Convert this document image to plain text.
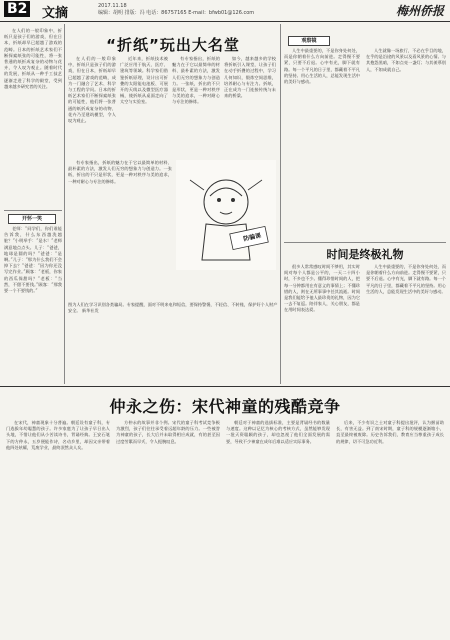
B2	文摘	2017.11.18
编辑：胡明 排版：冯 电话：86757165 E-mail：bfwb01@126.com	梅州侨报

在人们的一般印象中，折纸只是孩子们的游戏，但在日本，折纸却早已超越了游戏的范畴。日本的折纸艺术家们不断探索纸张的可能性，将一张普通的纸折成复杂的动物与花卉，令人叹为观止。随着时代的发展，折纸从一种手工技艺逐渐走进了科学的殿堂，受到越来越多研究者的关注。

开怀一笑

老师：“同学们，你们谁能告诉我，什么东西越洗越脏？”小明举手：“是水！”老师满意地点点头。儿子：“爸爸，地球是圆的吗？”爸爸：“是啊。”儿子：“那为什么我们不会掉下去？”爸爸：“因为你还没写完作业。”顾客：“老板，你家的西瓜保甜吗？”老板：“当然，不甜不要钱。”顾客：“那我要一个不要钱的。”

“折纸”玩出大名堂

在人们的一般印象中，折纸只是孩子们的游戏，但在日本，折纸却早已超越了游戏的范畴，成为一门融合了艺术、科学与工程的学问。日本的折纸艺术家们不断探索纸张的可能性，他们将一张普通的纸折成复杂的动物、花卉乃至建筑模型，令人叹为观止。

近年来，折纸技术被广泛应用于航天、医疗、建筑等领域。科学家们借鉴折纸原理，设计出可折叠的太阳能电池板、可展开的天线以及微型医疗器械，使折纸从桌面走向了太空与实验室。

有专家指出，折纸的魅力在于它以最简单的材料、最朴素的方法，激发人们无穷的想象力与创造力。一张纸，折出的不只是形状，更是一种对秩序与美的追求，一种对耐心与专注的修炼。

如今，越来越多的学校将折纸引入课堂，让孩子们在动手折叠的过程中，学习几何知识，锻炼空间思维，培养耐心与专注力。折纸，正在成为一门连接传统与未来的桥梁。

有专家指出，折纸的魅力在于它以最简单的材料、最朴素的方法，激发人们无穷的想象力与创造力。一张纸，折出的不只是形状，更是一种对秩序与美的追求，一种对耐心与专注的修炼。

防骗课
图为人们在学习识别各类骗局。专家提醒，面对不明来电和短信，要保持警惕，不轻信、不转账，保护好个人财产安全。 新华社发
观察镜

人生中最重要的，不是你身处何处，而是你朝着什么方向前进。走得慢不要紧，只要不后退。心中有光，脚下就有路。每一个平凡的日子里，都藏着不平凡的坚持。用心生活的人，总能发现生活中的美好与感动。

人生就像一场旅行，不必在乎目的地，在乎的是沿途的风景以及看风景的心情。与其抱怨黑暗，不如点亮一盏灯；与其羡慕别人，不如成就自己。

时间是终极礼物

很多人常常感叹时间不够用，其实时间对每个人都是公平的，一天二十四小时，不多也不少。懂得珍惜时间的人，把每一分钟都用在有意义的事情上；不懂珍惜的人，则在无所事事中任其流逝。时间是我们能给予他人最珍贵的礼物，因为它一去不复返。陪伴家人，关心朋友，都是在用时间表达爱。

人生中最重要的，不是你身处何处，而是你朝着什么方向前进。走得慢不要紧，只要不后退。心中有光，脚下就有路。每一个平凡的日子里，都藏着不平凡的坚持。用心生活的人，总能发现生活中的美好与感动。

仲永之伤：宋代神童的残酷竞争

在宋代，神童现象十分普遍。朝廷设有童子科，专门选拔年幼聪慧的孩子。许多家庭为了让孩子早日出人头地，不惜让他们从小苦读诗书，背诵经典。王安石笔下的方仲永，五岁便能作诗，名动乡里，却因父亲带着他四处炫耀，荒废学业，最终泯然众人矣。

方仲永的故事并非个例。宋代的童子科考试竞争极为激烈，孩子们往往承受着远超年龄的压力。一些被誉为神童的孩子，长大后并未取得相应成就，有的甚至因过度劳累而早夭，令人扼腕叹息。

朝廷对于神童的选拔标准，主要是背诵经书的数量与速度。这种以记忆为核心的考核方式，虽然能够发现一批天资聪颖的孩子，却也忽视了他们全面发展的需要，导致不少神童在成年后难以适应实际事务。

后来，不少有识之士对童子科提出批评，认为揠苗助长，有害无益。到了南宋时期，童子科的规模逐渐缩小，直至最终被废除。历史告诉我们，教育应当尊重孩子成长的规律，切不可急功近利。
